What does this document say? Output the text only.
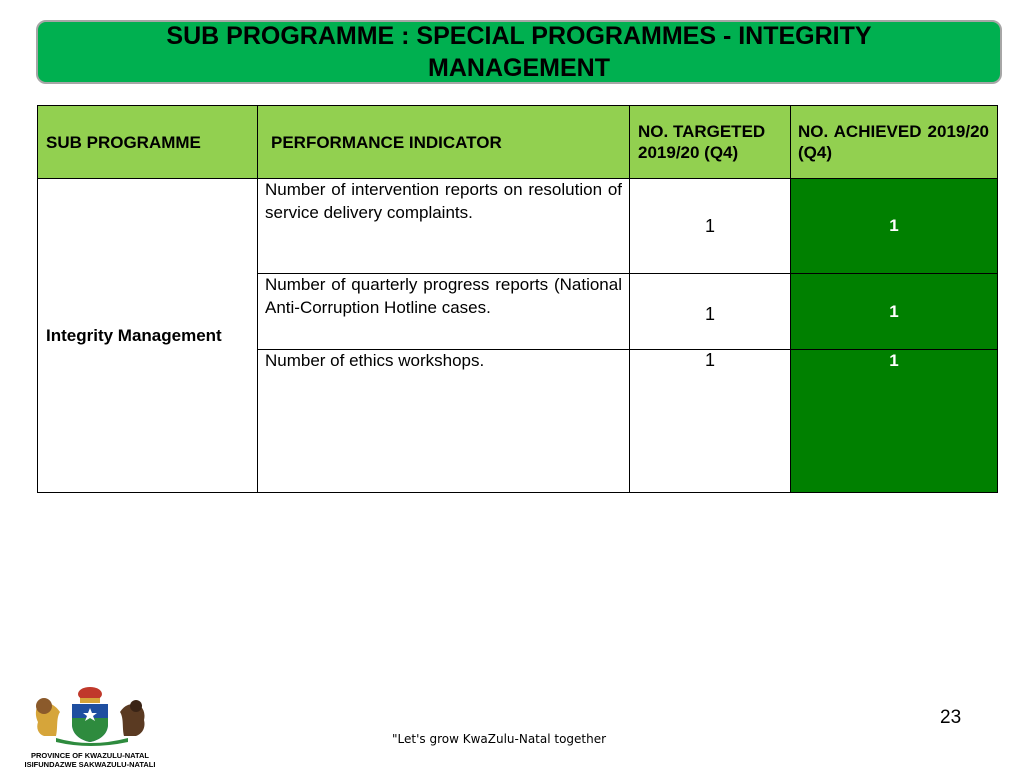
SUB PROGRAMME : SPECIAL PROGRAMMES - INTEGRITY MANAGEMENT
SUB PROGRAMME	PERFORMANCE INDICATOR	NO. TARGETED 2019/20 (Q4)	NO. ACHIEVED 2019/20 (Q4)
Integrity Management	Number of intervention reports on resolution of service delivery complaints.	1	1
	Number of quarterly progress reports (National Anti-Corruption Hotline cases.	1	1
	Number of ethics workshops.	1	1
PROVINCE OF KWAZULU-NATAL
ISIFUNDAZWE SAKWAZULU-NATALI
"Let's grow KwaZulu-Natal together
23
